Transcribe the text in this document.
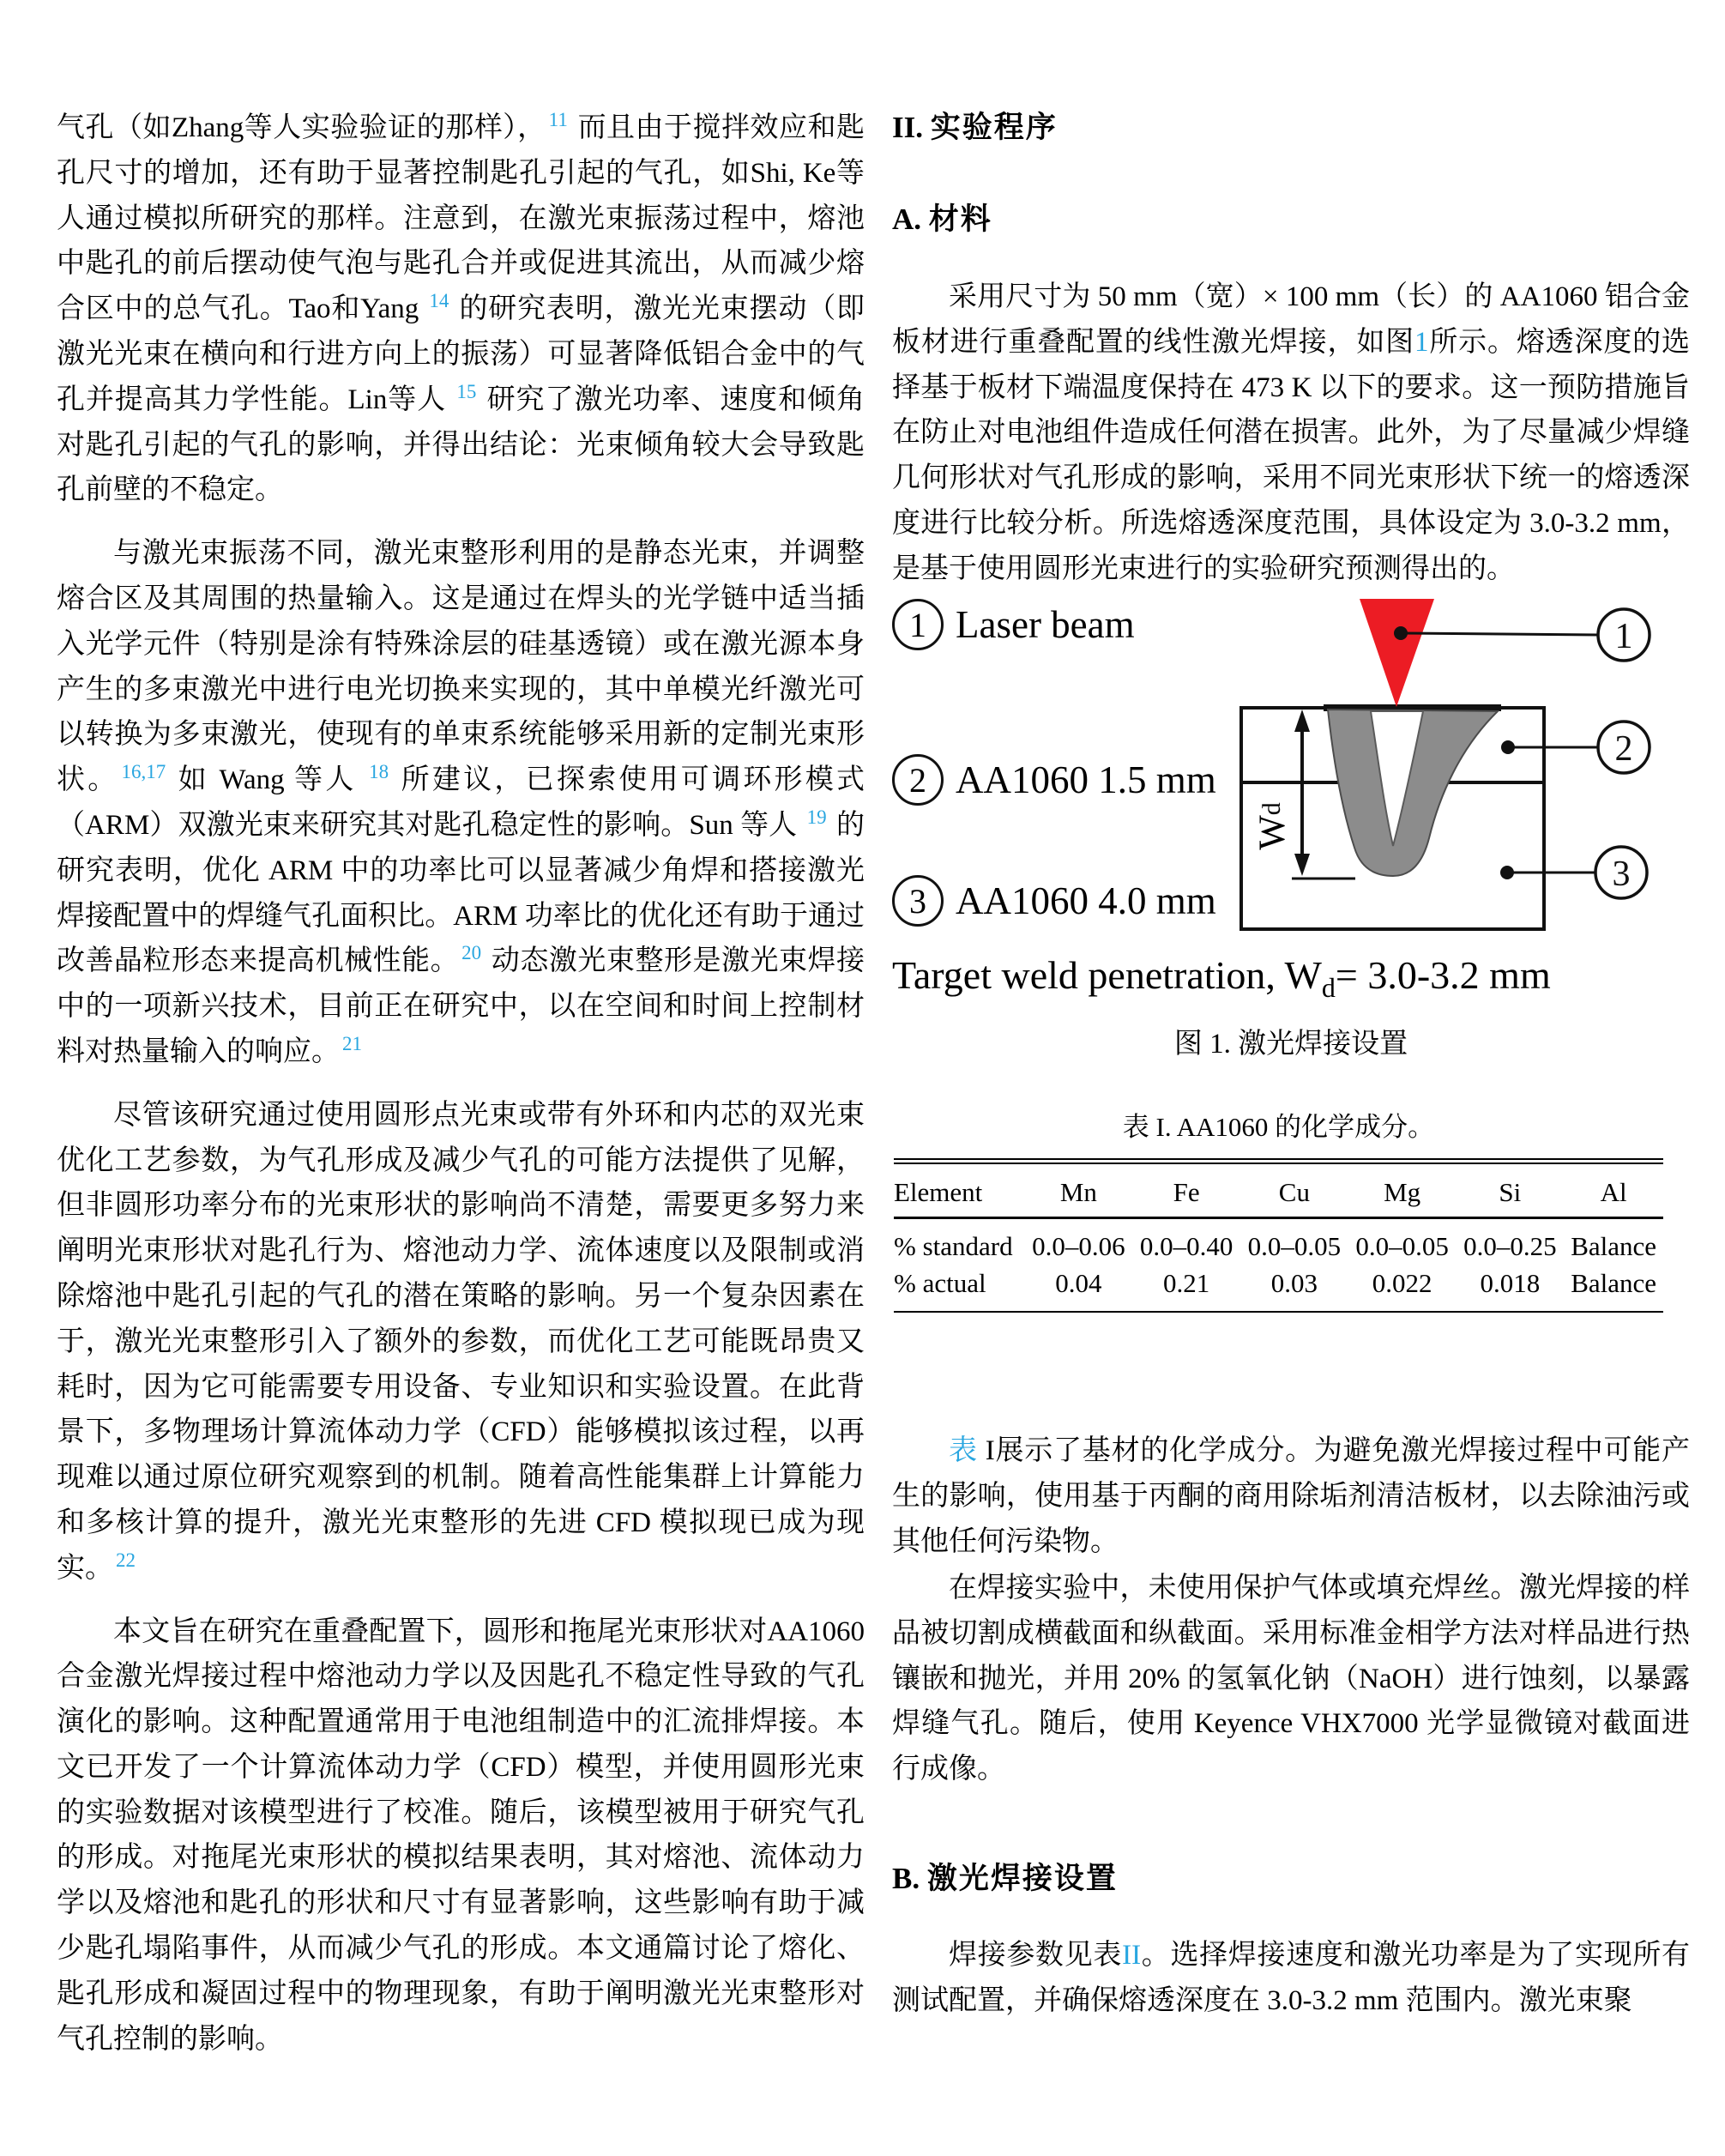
气孔（如Zhang等人实验验证的那样）， $^{11}$ 而且由于搅拌效应和匙孔尺寸的增加，还有助于显著控制匙孔引起的气孔，如Shi, Ke等人通过模拟所研究的那样。注意到，在激光束振荡过程中，熔池中匙孔的前后摆动使气泡与匙孔合并或促进其流出，从而减少熔合区中的总气孔。Tao和Yang $^{14}$ 的研究表明，激光光束摆动（即激光光束在横向和行进方向上的振荡）可显著降低铝合金中的气孔并提高其力学性能。Lin等人 $^{15}$ 研究了激光功率、速度和倾角对匙孔引起的气孔的影响，并得出结论：光束倾角较大会导致匙孔前壁的不稳定。

与激光束振荡不同，激光束整形利用的是静态光束，并调整熔合区及其周围的热量输入。这是通过在焊头的光学链中适当插入光学元件（特别是涂有特殊涂层的硅基透镜）或在激光源本身产生的多束激光中进行电光切换来实现的，其中单模光纤激光可以转换为多束激光，使现有的单束系统能够采用新的定制光束形状。 $^{16,17}$ 如 Wang 等人 $^{18}$ 所建议，已探索使用可调环形模式（ARM）双激光束来研究其对匙孔稳定性的影响。Sun 等人 $^{19}$ 的研究表明，优化 ARM 中的功率比可以显著减少角焊和搭接激光焊接配置中的焊缝气孔面积比。ARM 功率比的优化还有助于通过改善晶粒形态来提高机械性能。 $^{20}$ 动态激光束整形是激光束焊接中的一项新兴技术，目前正在研究中，以在空间和时间上控制材料对热量输入的响应。 $^{21}$

尽管该研究通过使用圆形点光束或带有外环和内芯的双光束优化工艺参数，为气孔形成及减少气孔的可能方法提供了见解，但非圆形功率分布的光束形状的影响尚不清楚，需要更多努力来阐明光束形状对匙孔行为、熔池动力学、流体速度以及限制或消除熔池中匙孔引起的气孔的潜在策略的影响。另一个复杂因素在于，激光光束整形引入了额外的参数，而优化工艺可能既昂贵又耗时，因为它可能需要专用设备、专业知识和实验设置。在此背景下，多物理场计算流体动力学（CFD）能够模拟该过程，以再现难以通过原位研究观察到的机制。随着高性能集群上计算能力和多核计算的提升，激光光束整形的先进 CFD 模拟现已成为现实。 $^{22}$

本文旨在研究在重叠配置下，圆形和拖尾光束形状对AA1060 合金激光焊接过程中熔池动力学以及因匙孔不稳定性导致的气孔演化的影响。这种配置通常用于电池组制造中的汇流排焊接。本文已开发了一个计算流体动力学（CFD）模型，并使用圆形光束的实验数据对该模型进行了校准。随后，该模型被用于研究气孔的形成。对拖尾光束形状的模拟结果表明，其对熔池、流体动力学以及熔池和匙孔的形状和尺寸有显著影响，这些影响有助于减少匙孔塌陷事件，从而减少气孔的形成。本文通篇讨论了熔化、匙孔形成和凝固过程中的物理现象，有助于阐明激光光束整形对气孔控制的影响。

II. 实验程序
A. 材料

采用尺寸为 50 mm（宽）× 100 mm（长）的 AA1060 铝合金板材进行重叠配置的线性激光焊接，如图1所示。熔透深度的选择基于板材下端温度保持在 473 K 以下的要求。这一预防措施旨在防止对电池组件造成任何潜在损害。此外，为了尽量减少焊缝几何形状对气孔形成的影响，采用不同光束形状下统一的熔透深度进行比较分析。所选熔透深度范围，具体设定为 3.0-3.2 mm，是基于使用圆形光束进行的实验研究预测得出的。

1 Laser beam
2 AA1060 1.5 mm
3 AA1060 4.0 mm
1
2
3
W
d
Target weld penetration, $W_d= 3.0-3.2$ mm
图 1. 激光焊接设置
表 I. AA1060 的化学成分。
Element	Mn	Fe	Cu	Mg	Si	Al
% standard	0.0–0.06	0.0–0.40	0.0–0.05	0.0–0.05	0.0–0.25	Balance
% actual	0.04	0.21	0.03	0.022	0.018	Balance

表 I展示了基材的化学成分。为避免激光焊接过程中可能产生的影响，使用基于丙酮的商用除垢剂清洁板材，以去除油污或其他任何污染物。

在焊接实验中，未使用保护气体或填充焊丝。激光焊接的样品被切割成横截面和纵截面。采用标准金相学方法对样品进行热镶嵌和抛光，并用 20% 的氢氧化钠（NaOH）进行蚀刻，以暴露焊缝气孔。随后，使用 Keyence VHX7000 光学显微镜对截面进行成像。

B. 激光焊接设置

焊接参数见表II。选择焊接速度和激光功率是为了实现所有测试配置，并确保熔透深度在 3.0-3.2 mm 范围内。激光束聚
